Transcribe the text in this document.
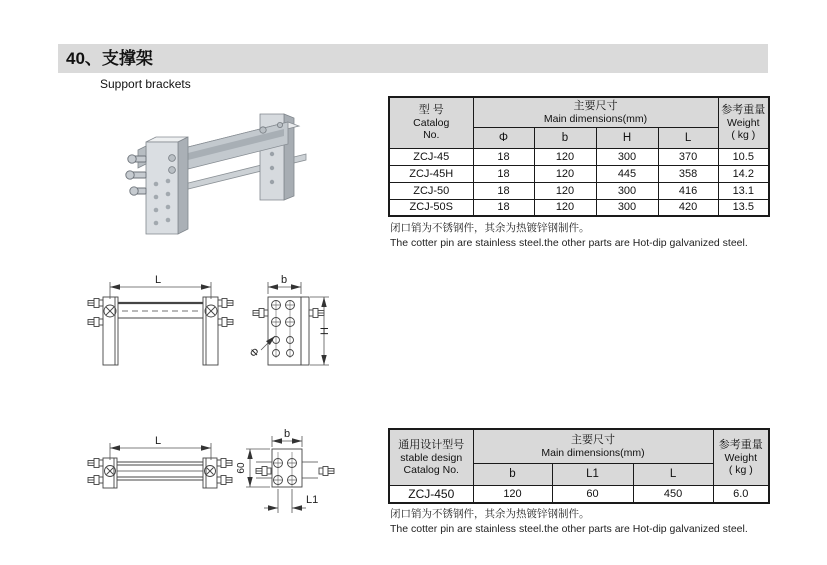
40、支撑架
Support brackets
型 号
Catalog
No.

主要尺寸
Main dimensions(mm)

参考重量
Weight
( kg )

	Φ	b	H	L	
ZCJ-45	18	120	300	370	10.5
ZCJ-45H	18	120	445	358	14.2
ZCJ-50	18	120	300	416	13.1
ZCJ-50S	18	120	300	420	13.5
闭口销为不锈钢件，其余为热镀锌钢制件。
The cotter pin are stainless steel.the other parts are Hot-dip galvanized steel.
L	b
H
Φ
通用设计型号
stable design
Catalog No.

主要尺寸
Main dimensions(mm)

参考重量
Weight
( kg )

	b	L1	L	
ZCJ-450	120	60	450	6.0
闭口销为不锈钢件，其余为热镀锌钢制件。
The cotter pin are stainless steel.the other parts are Hot-dip galvanized steel.
L
b
60
L1
